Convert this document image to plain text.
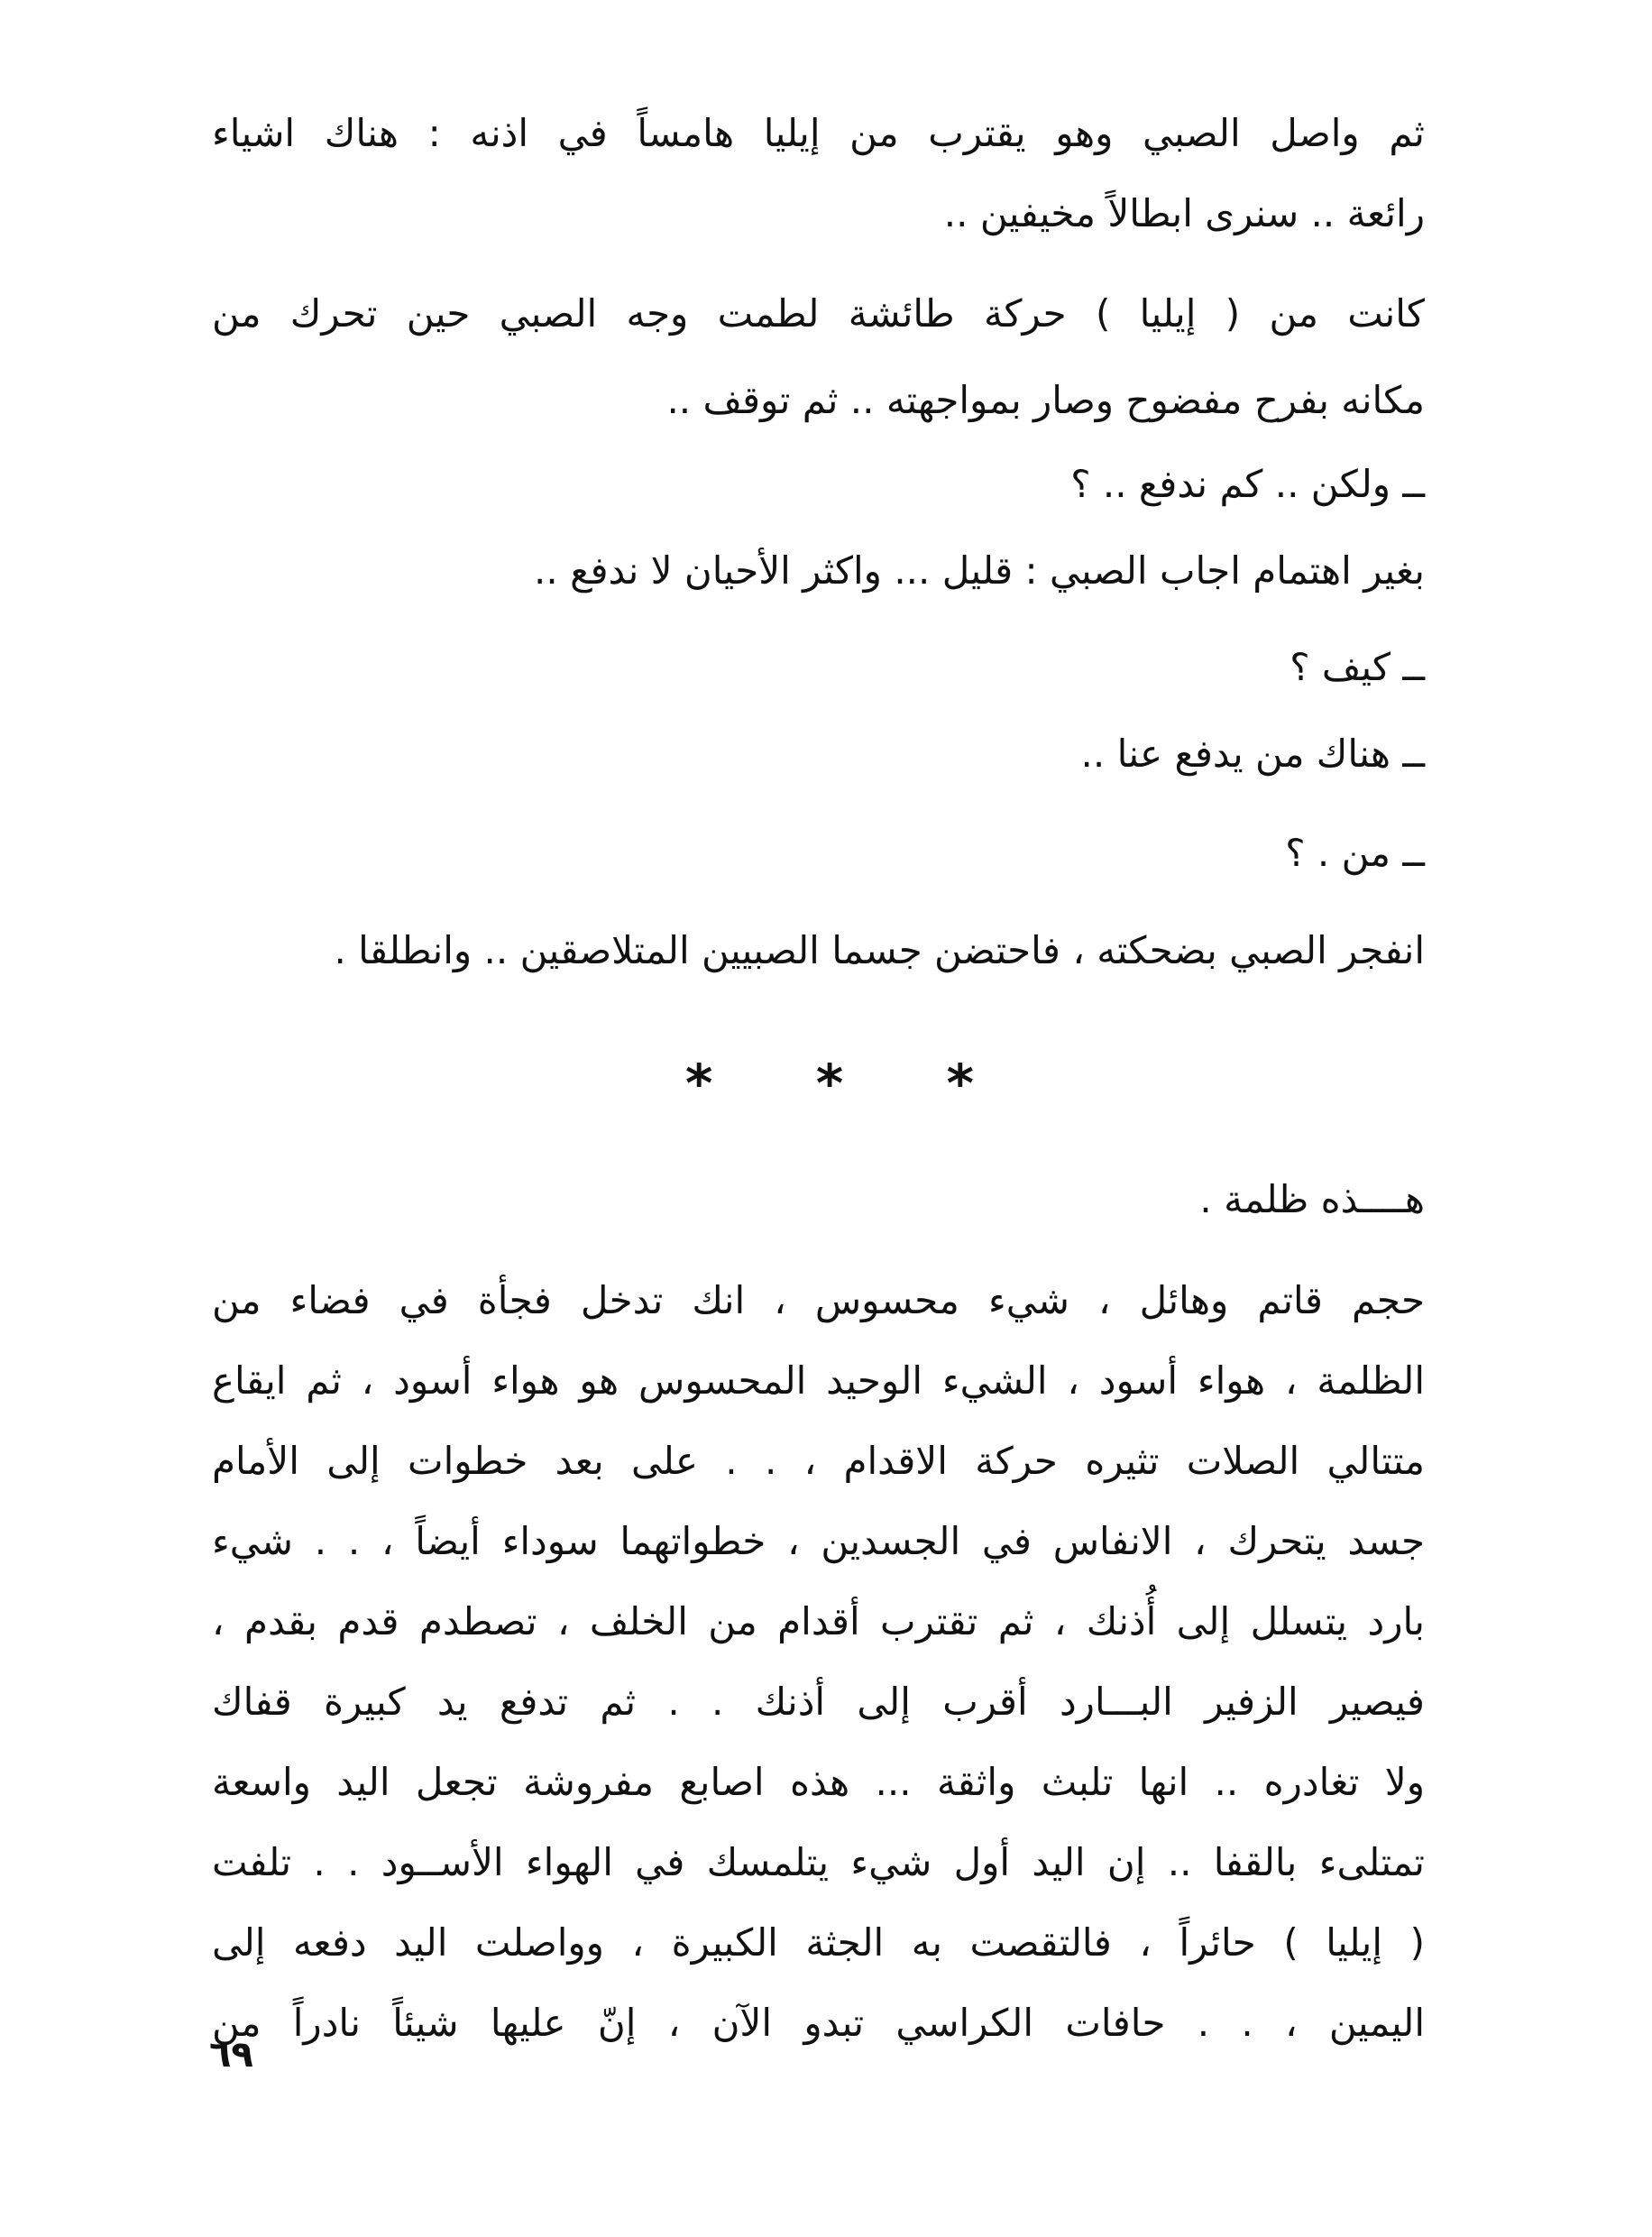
ثم واصل الصبي وهو يقترب من إيليا هامساً في اذنه : هناك اشياء
رائعة .. سنرى ابطالاً مخيفين ..
كانت من ( إيليا ) حركة طائشة لطمت وجه الصبي حين تحرك من
مكانه بفرح مفضوح وصار بمواجهته .. ثم توقف ..
ــ ولكن .. كم ندفع .. ؟
بغير اهتمام اجاب الصبي : قليل ... واكثر الأحيان لا ندفع ..
ــ كيف ؟
ــ هناك من يدفع عنا ..
ــ من . ؟
انفجر الصبي بضحكته ، فاحتضن جسما الصبيين المتلاصقين .. وانطلقا .
* * *
هــــذه ظلمة .
حجم قاتم وهائل ، شيء محسوس ، انك تدخل فجأة في فضاء من
الظلمة ، هواء أسود ، الشيء الوحيد المحسوس هو هواء أسود ، ثم ايقاع
متتالي الصلات تثيره حركة الاقدام ، . . على بعد خطوات إلى الأمام
جسد يتحرك ، الانفاس في الجسدين ، خطواتهما سوداء أيضاً ، . . شيء
بارد يتسلل إلى أُذنك ، ثم تقترب أقدام من الخلف ، تصطدم قدم بقدم ،
فيصير الزفير البـــارد أقرب إلى أذنك . . ثم تدفع يد كبيرة قفاك
ولا تغادره .. انها تلبث واثقة ... هذه اصابع مفروشة تجعل اليد واسعة
تمتلىء بالقفا .. إن اليد أول شيء يتلمسك في الهواء الأســود . . تلفت
( إيليا ) حائراً ، فالتقصت به الجثة الكبيرة ، وواصلت اليد دفعه إلى
اليمين ، . . حافات الكراسي تبدو الآن ، إنّ عليها شيئاً نادراً من
٦٩
